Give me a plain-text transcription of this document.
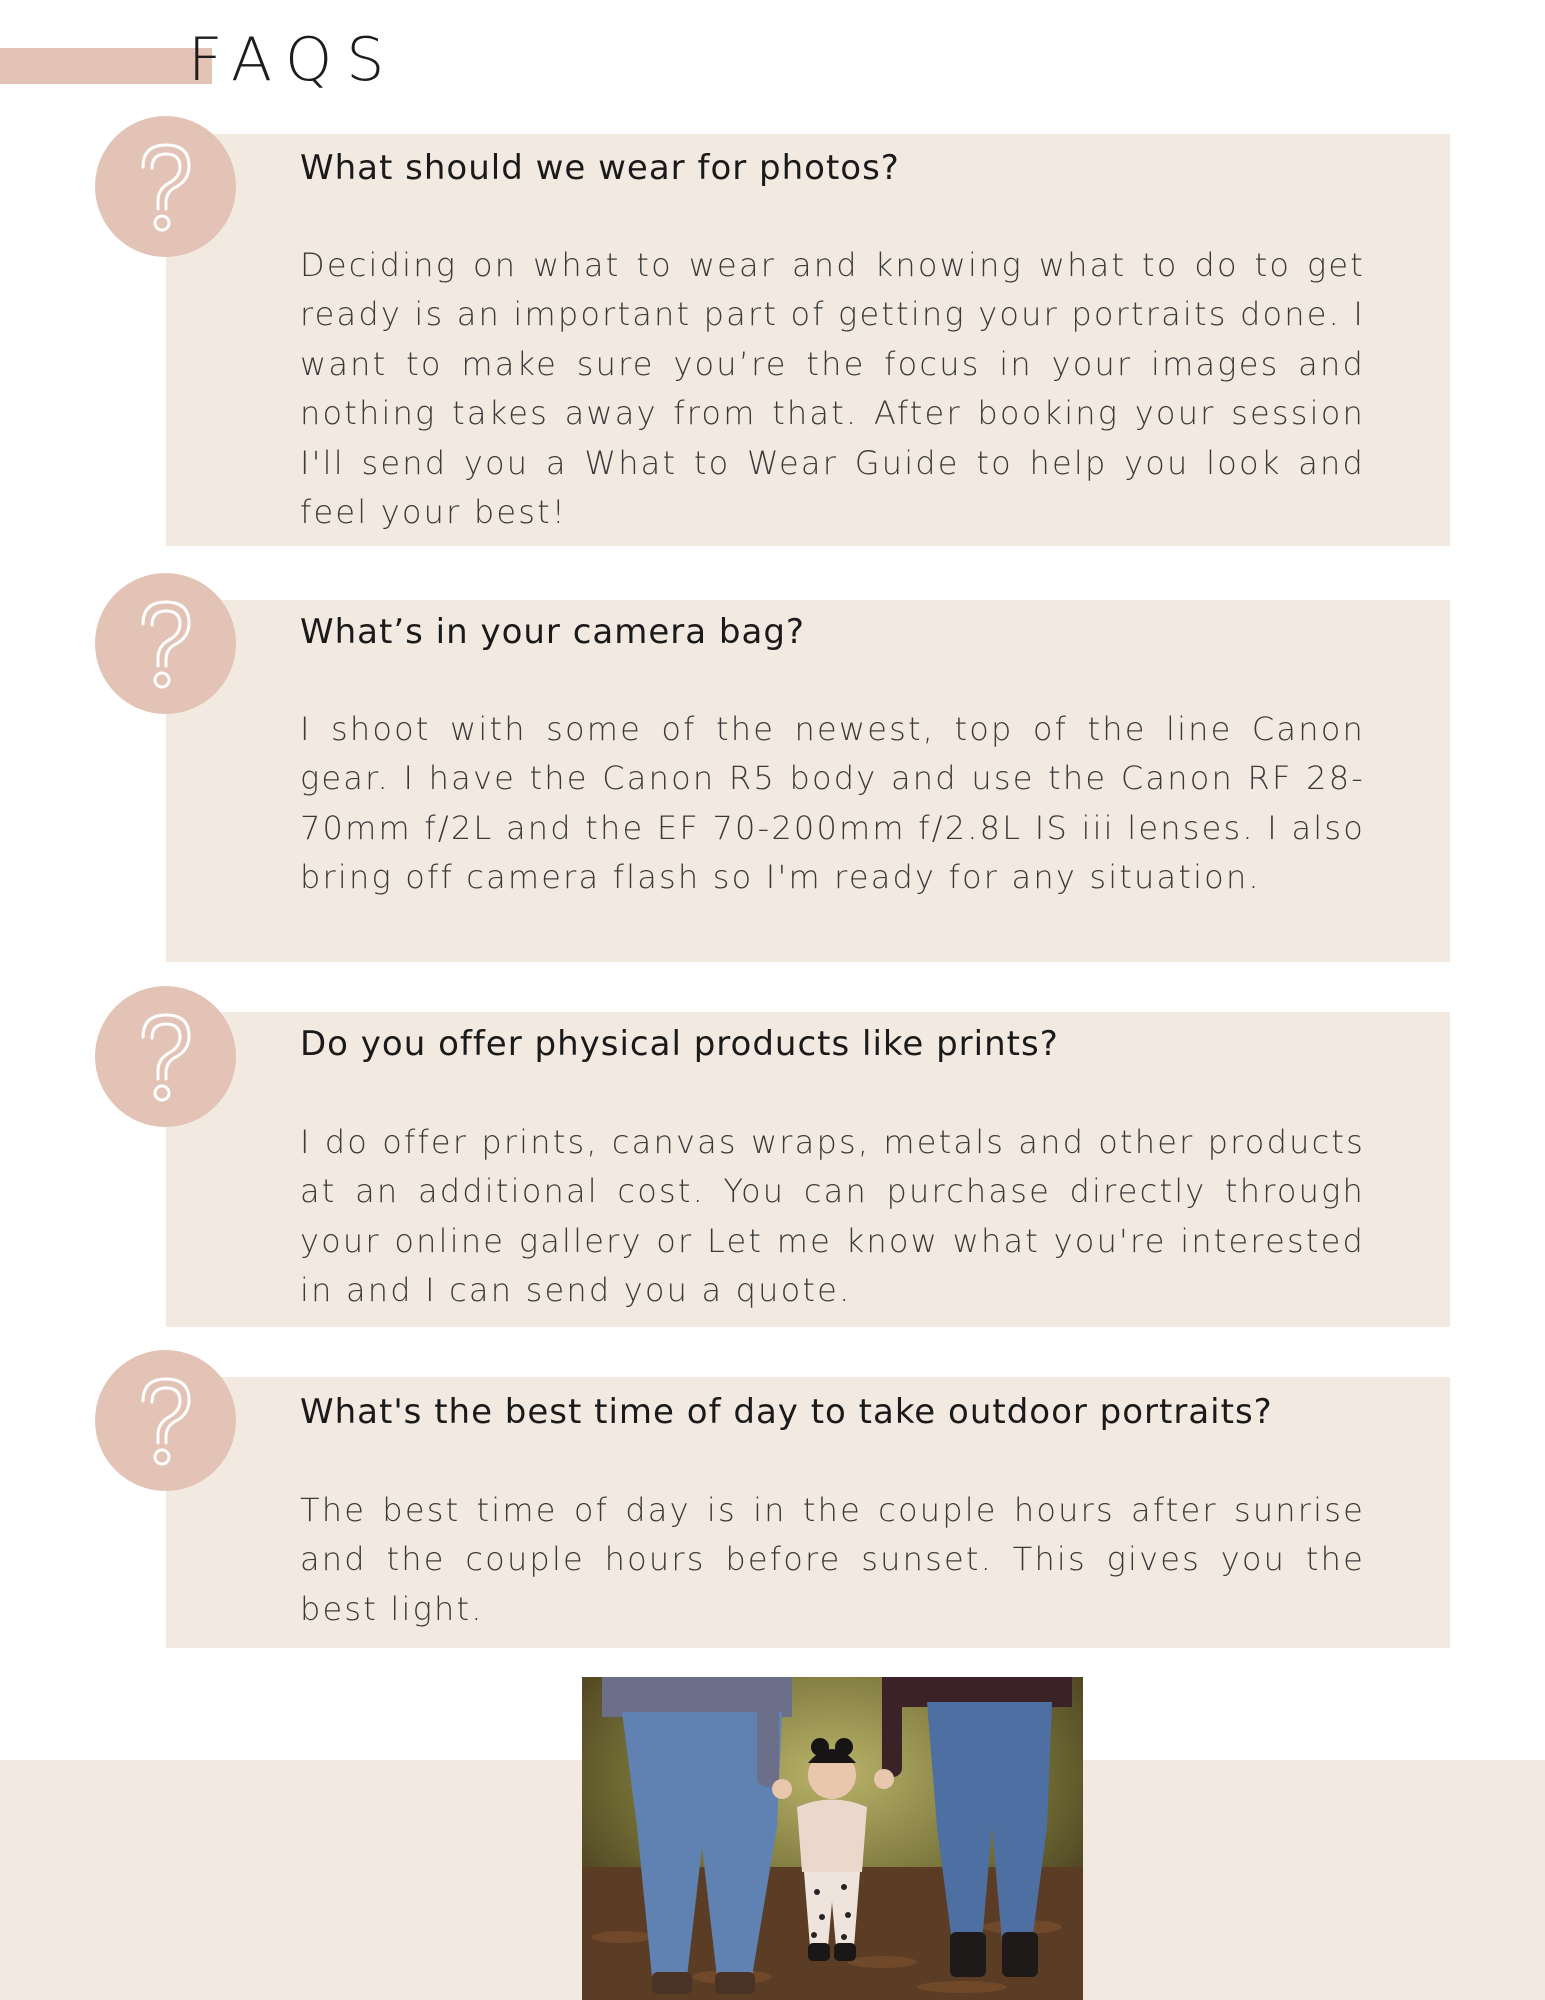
FAQS
What should we wear for photos?
Deciding on what to wear and knowing what to do to get ready is an important part of getting your portraits done. I want to make sure you’re the focus in your images and nothing takes away from that. After booking your session I'll send you a What to Wear Guide to help you look and feel your best!
What’s in your camera bag?
I shoot with some of the newest, top of the line Canon gear. I have the Canon R5 body and use the Canon RF 28-70mm f/2L and the EF 70-200mm f/2.8L IS iii lenses. I also bring off camera flash so I'm ready for any situation.
Do you offer physical products like prints?
I do offer prints, canvas wraps, metals and other products at an additional cost. You can purchase directly through your online gallery or Let me know what you're interested in and I can send you a quote.
What's the best time of day to take outdoor portraits?
The best time of day is in the couple hours after sunrise and the couple hours before sunset. This gives you the best light.
